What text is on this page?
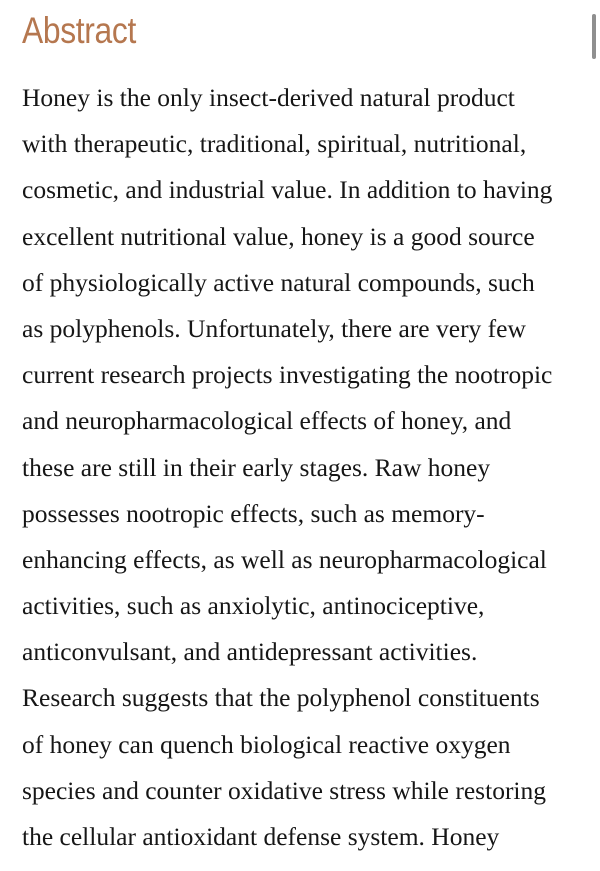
Abstract
Honey is the only insect-derived natural product
with therapeutic, traditional, spiritual, nutritional,
cosmetic, and industrial value. In addition to having
excellent nutritional value, honey is a good source
of physiologically active natural compounds, such
as polyphenols. Unfortunately, there are very few
current research projects investigating the nootropic
and neuropharmacological effects of honey, and
these are still in their early stages. Raw honey
possesses nootropic effects, such as memory-
enhancing effects, as well as neuropharmacological
activities, such as anxiolytic, antinociceptive,
anticonvulsant, and antidepressant activities.
Research suggests that the polyphenol constituents
of honey can quench biological reactive oxygen
species and counter oxidative stress while restoring
the cellular antioxidant defense system. Honey
